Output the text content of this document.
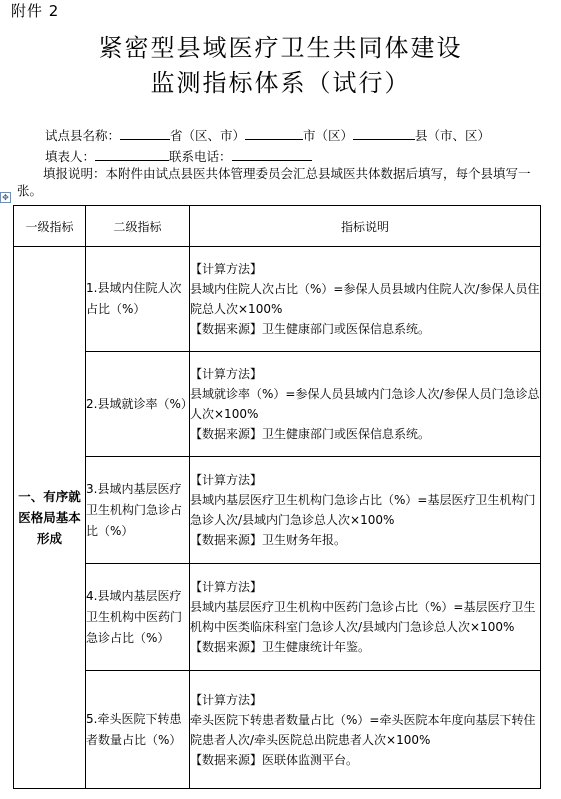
附件 2
紧密型县域医疗卫生共同体建设
监测指标体系（试行）
试点县名称：	省（区、市）	市（区）	县（市、区）
填表人：	联系电话：
填报说明：本附件由试点县医共体管理委员会汇总县域医共体数据后填写，每个县填写一张。
✥
一级指标	二级指标	指标说明
一、有序就医格局基本形成	1.县域内住院人次占比（%）	【计算方法】
县域内住院人次占比（%）=参保人员县域内住院人次/参保人员住院总人次×100%
【数据来源】卫生健康部门或医保信息系统。

	2.县域就诊率（%）	【计算方法】
县域就诊率（%）=参保人员县域内门急诊人次/参保人员门急诊总人次×100%
【数据来源】卫生健康部门或医保信息系统。

	3.县域内基层医疗卫生机构门急诊占比（%）	【计算方法】
县域内基层医疗卫生机构门急诊占比（%）=基层医疗卫生机构门急诊人次/县域内门急诊总人次×100%
【数据来源】卫生财务年报。

	4.县域内基层医疗卫生机构中医药门急诊占比（%）	【计算方法】
县域内基层医疗卫生机构中医药门急诊占比（%）=基层医疗卫生机构中医类临床科室门急诊人次/县域内门急诊总人次×100%
【数据来源】卫生健康统计年鉴。

	5.牵头医院下转患者数量占比（%）	【计算方法】
牵头医院下转患者数量占比（%）=牵头医院本年度向基层下转住院患者人次/牵头医院总出院患者人次×100%
【数据来源】医联体监测平台。
